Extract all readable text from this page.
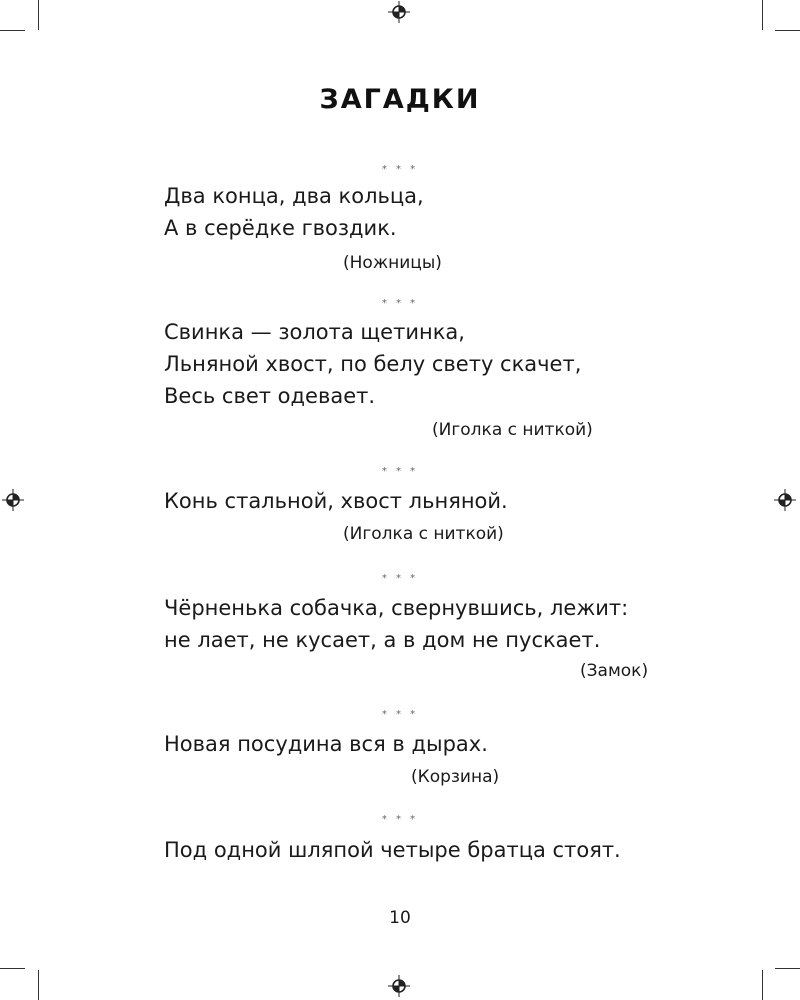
ЗАГАДКИ
* * *
Два конца, два кольца,
А в серёдке гвоздик.
(Ножницы)
* * *
Свинка — золота щетинка,
Льняной хвост, по белу свету скачет,
Весь свет одевает.
(Иголка с ниткой)
* * *
Конь стальной, хвост льняной.
(Иголка с ниткой)
* * *
Чёрненька собачка, свернувшись, лежит:
не лает, не кусает, а в дом не пускает.
(Замок)
* * *
Новая посудина вся в дырах.
(Корзина)
* * *
Под одной шляпой четыре братца стоят.
10
